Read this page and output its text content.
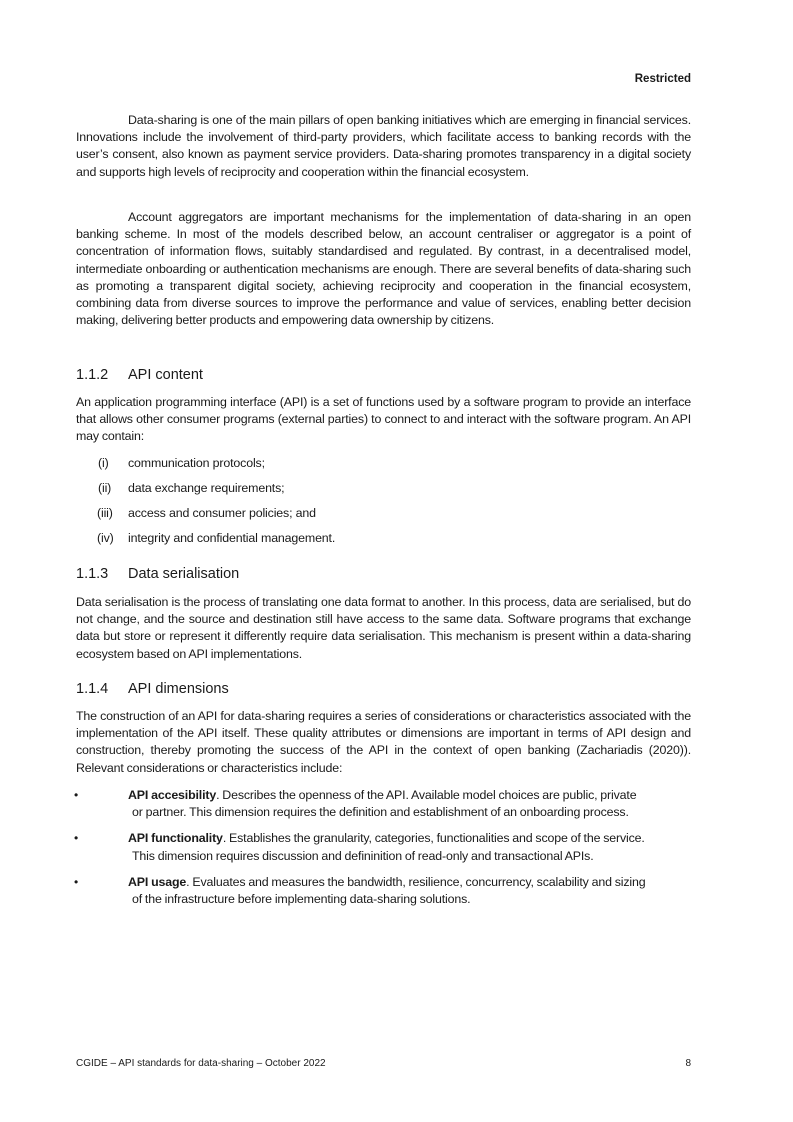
Restricted

Data-sharing is one of the main pillars of open banking initiatives which are emerging in financial services. Innovations include the involvement of third-party providers, which facilitate access to banking records with the user’s consent, also known as payment service providers. Data-sharing promotes transparency in a digital society and supports high levels of reciprocity and cooperation within the financial ecosystem.

Account aggregators are important mechanisms for the implementation of data-sharing in an open banking scheme. In most of the models described below, an account centraliser or aggregator is a point of concentration of information flows, suitably standardised and regulated. By contrast, in a decentralised model, intermediate onboarding or authentication mechanisms are enough. There are several benefits of data-sharing such as promoting a transparent digital society, achieving reciprocity and cooperation in the financial ecosystem, combining data from diverse sources to improve the performance and value of services, enabling better decision making, delivering better products and empowering data ownership by citizens.

1.1.2 API content

An application programming interface (API) is a set of functions used by a software program to provide an interface that allows other consumer programs (external parties) to connect to and interact with the software program. An API may contain:

(i) communication protocols;
(ii) data exchange requirements;
(iii) access and consumer policies; and
(iv) integrity and confidential management.
1.1.3 Data serialisation

Data serialisation is the process of translating one data format to another. In this process, data are serialised, but do not change, and the source and destination still have access to the same data. Software programs that exchange data but store or represent it differently require data serialisation. This mechanism is present within a data-sharing ecosystem based on API implementations.

1.1.4 API dimensions

The construction of an API for data-sharing requires a series of considerations or characteristics associated with the implementation of the API itself. These quality attributes or dimensions are important in terms of API design and construction, thereby promoting the success of the API in the context of open banking (Zachariadis (2020)). Relevant considerations or characteristics include:

•	API accesibility. Describes the openness of the API. Available model choices are public, private
or partner. This dimension requires the definition and establishment of an onboarding process.
•	API functionality. Establishes the granularity, categories, functionalities and scope of the service.
This dimension requires discussion and defininition of read-only and transactional APIs.
•	API usage. Evaluates and measures the bandwidth, resilience, concurrency, scalability and sizing
of the infrastructure before implementing data-sharing solutions.
CGIDE – API standards for data-sharing – October 2022	8
